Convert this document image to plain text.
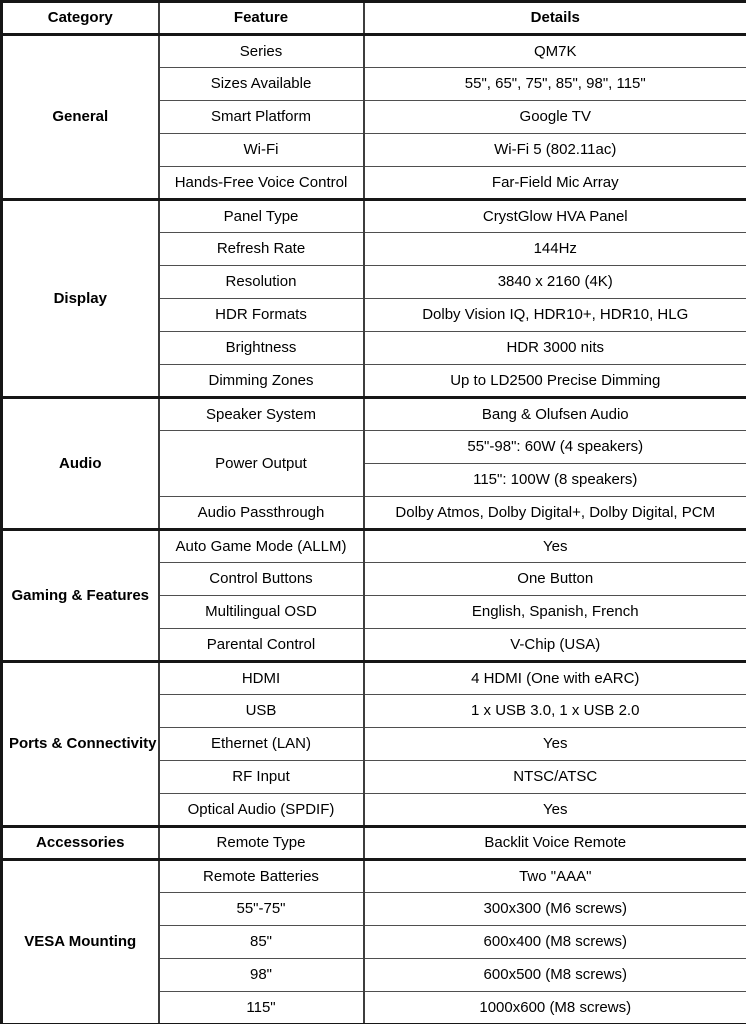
Category	Feature	Details
General	Series	QM7K
	Sizes Available	55", 65", 75", 85", 98", 115"
	Smart Platform	Google TV
	Wi-Fi	Wi-Fi 5 (802.11ac)
	Hands-Free Voice Control	Far-Field Mic Array
Display	Panel Type	CrystGlow HVA Panel
	Refresh Rate	144Hz
	Resolution	3840 x 2160 (4K)
	HDR Formats	Dolby Vision IQ, HDR10+, HDR10, HLG
	Brightness	HDR 3000 nits
	Dimming Zones	Up to LD2500 Precise Dimming
Audio	Speaker System	Bang & Olufsen Audio
	Power Output	55"-98": 60W (4 speakers)
		115": 100W (8 speakers)
	Audio Passthrough	Dolby Atmos, Dolby Digital+, Dolby Digital, PCM
Gaming & Features	Auto Game Mode (ALLM)	Yes
	Control Buttons	One Button
	Multilingual OSD	English, Spanish, French
	Parental Control	V-Chip (USA)
Ports & Connectivity	HDMI	4 HDMI (One with eARC)
	USB	1 x USB 3.0, 1 x USB 2.0
	Ethernet (LAN)	Yes
	RF Input	NTSC/ATSC
	Optical Audio (SPDIF)	Yes
Accessories	Remote Type	Backlit Voice Remote
VESA Mounting	Remote Batteries	Two "AAA"
	55"-75"	300x300 (M6 screws)
	85"	600x400 (M8 screws)
	98"	600x500 (M8 screws)
	115"	1000x600 (M8 screws)
